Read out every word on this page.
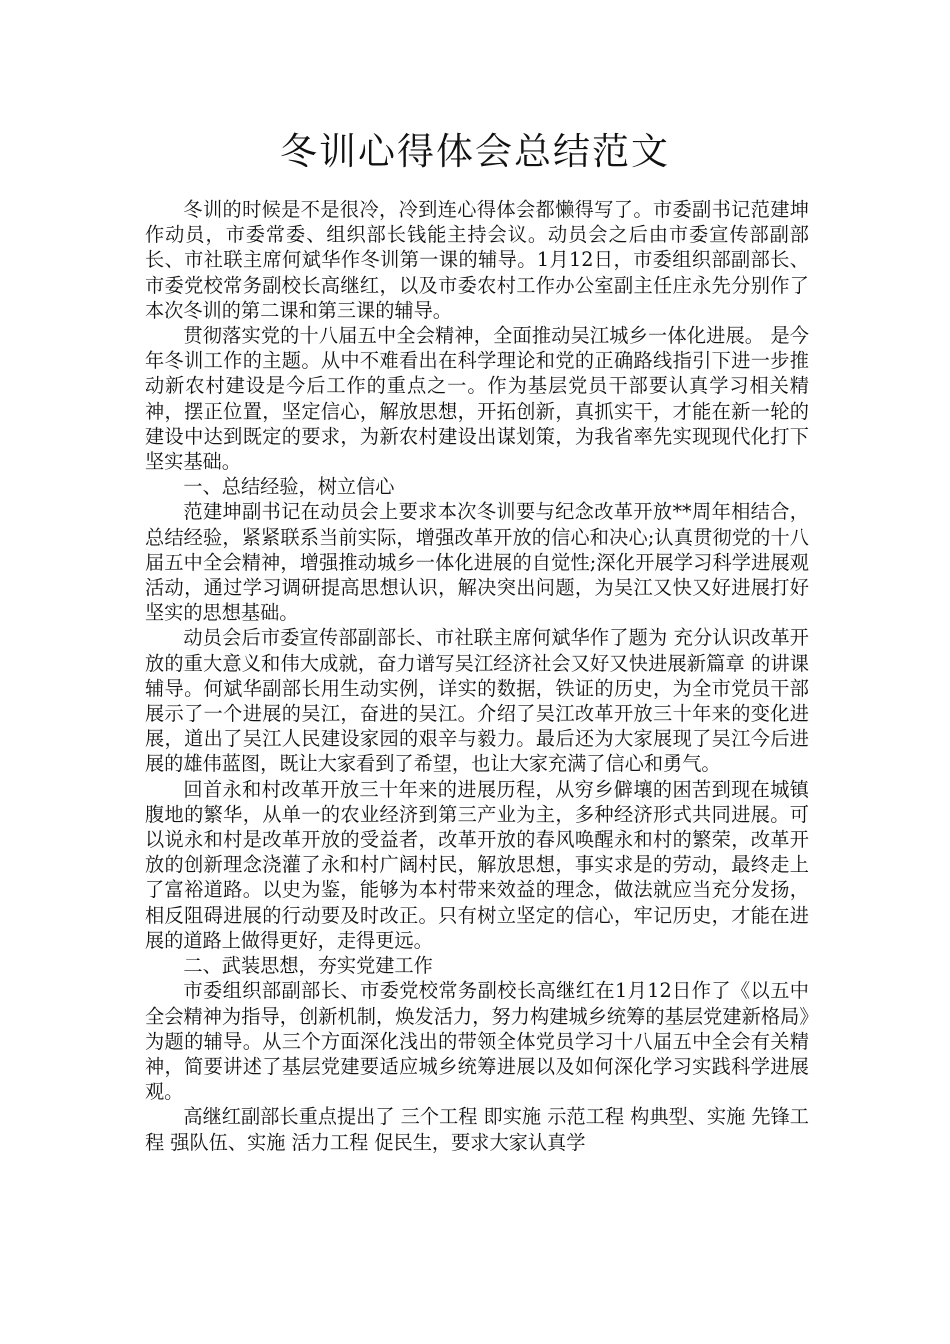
冬训心得体会总结范文

冬训的时候是不是很冷，冷到连心得体会都懒得写了。市委副书记范建坤作动员，市委常委、组织部长钱能主持会议。动员会之后由市委宣传部副部长、市社联主席何斌华作冬训第一课的辅导。1月12日，市委组织部副部长、市委党校常务副校长高继红，以及市委农村工作办公室副主任庄永先分别作了本次冬训的第二课和第三课的辅导。

贯彻落实党的十八届五中全会精神，全面推动吴江城乡一体化进展。 是今年冬训工作的主题。从中不难看出在科学理论和党的正确路线指引下进一步推动新农村建设是今后工作的重点之一。作为基层党员干部要认真学习相关精神，摆正位置，坚定信心，解放思想，开拓创新，真抓实干，才能在新一轮的建设中达到既定的要求，为新农村建设出谋划策，为我省率先实现现代化打下坚实基础。

一、总结经验，树立信心

范建坤副书记在动员会上要求本次冬训要与纪念改革开放**周年相结合，总结经验，紧紧联系当前实际，增强改革开放的信心和决心;认真贯彻党的十八届五中全会精神，增强推动城乡一体化进展的自觉性;深化开展学习科学进展观活动，通过学习调研提高思想认识，解决突出问题，为吴江又快又好进展打好坚实的思想基础。

动员会后市委宣传部副部长、市社联主席何斌华作了题为 充分认识改革开放的重大意义和伟大成就，奋力谱写吴江经济社会又好又快进展新篇章 的讲课辅导。何斌华副部长用生动实例，详实的数据，铁证的历史，为全市党员干部展示了一个进展的吴江，奋进的吴江。介绍了吴江改革开放三十年来的变化进展，道出了吴江人民建设家园的艰辛与毅力。最后还为大家展现了吴江今后进展的雄伟蓝图，既让大家看到了希望，也让大家充满了信心和勇气。

回首永和村改革开放三十年来的进展历程，从穷乡僻壤的困苦到现在城镇腹地的繁华，从单一的农业经济到第三产业为主，多种经济形式共同进展。可以说永和村是改革开放的受益者，改革开放的春风唤醒永和村的繁荣，改革开放的创新理念浇灌了永和村广阔村民，解放思想，事实求是的劳动，最终走上了富裕道路。以史为鉴，能够为本村带来效益的理念，做法就应当充分发扬，相反阻碍进展的行动要及时改正。只有树立坚定的信心，牢记历史，才能在进展的道路上做得更好，走得更远。

二、武装思想，夯实党建工作

市委组织部副部长、市委党校常务副校长高继红在1月12日作了《以五中全会精神为指导，创新机制，焕发活力，努力构建城乡统筹的基层党建新格局》为题的辅导。从三个方面深化浅出的带领全体党员学习十八届五中全会有关精神，简要讲述了基层党建要适应城乡统筹进展以及如何深化学习实践科学进展观。

高继红副部长重点提出了 三个工程 即实施 示范工程 构典型、实施 先锋工程 强队伍、实施 活力工程 促民生，要求大家认真学
